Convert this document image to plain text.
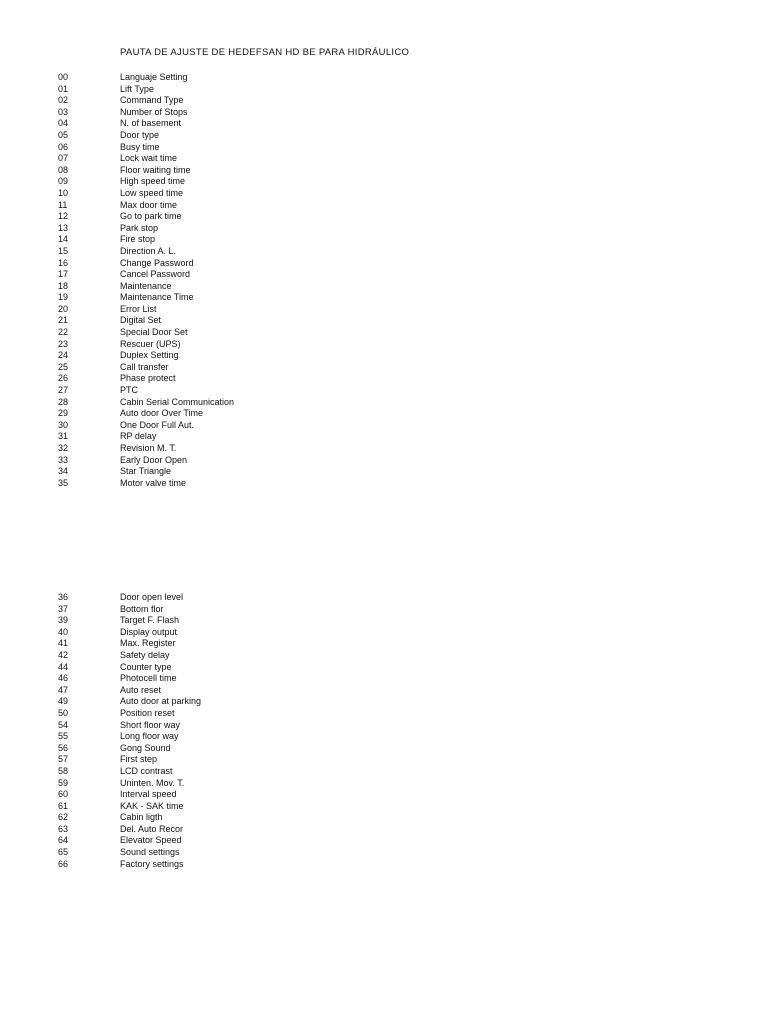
PAUTA DE AJUSTE DE HEDEFSAN HD BE PARA HIDRÁULICO
00	Languaje Setting
01	Lift Type
02	Command Type
03	Number of Stops
04	N. of basement
05	Door type
06	Busy time
07	Lock wait time
08	Floor waiting time
09	High speed time
10	Low speed time
11	Max door time
12	Go to park time
13	Park stop
14	Fire stop
15	Direction A. L.
16	Change Password
17	Cancel Password
18	Maintenance
19	Maintenance Time
20	Error List
21	Digital Set
22	Special Door Set
23	Rescuer (UPS)
24	Duplex Setting
25	Call transfer
26	Phase protect
27	PTC
28	Cabin Serial Communication
29	Auto door Over Time
30	One Door Full Aut.
31	RP delay
32	Revision M. T.
33	Early Door Open
34	Star Triangle
35	Motor valve time
36	Door open level
37	Bottom flor
39	Target F. Flash
40	Display output
41	Max. Register
42	Safety delay
44	Counter type
46	Photocell time
47	Auto reset
49	Auto door at parking
50	Position reset
54	Short floor way
55	Long floor way
56	Gong Sound
57	First step
58	LCD contrast
59	Uninten. Mov. T.
60	Interval speed
61	KAK - SAK time
62	Cabin ligth
63	Del. Auto Recor
64	Elevator Speed
65	Sound settings
66	Factory settings
